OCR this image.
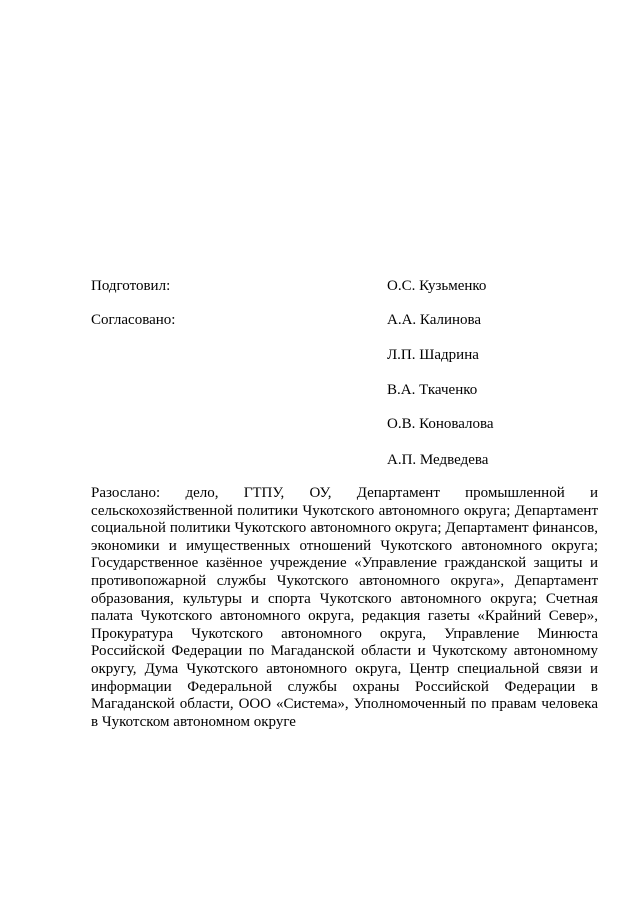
Подготовил:	О.С. Кузьменко
Согласовано:	А.А. Калинова
Л.П. Шадрина
В.А. Ткаченко
О.В. Коновалова
А.П. Медведева

Разослано: дело, ГТПУ, ОУ, Департамент промышленной и сельскохозяйственной политики Чукотского автономного округа; Департамент социальной политики Чукотского автономного округа; Департамент финансов, экономики и имущественных отношений Чукотского автономного округа; Государственное казённое учреждение «Управление гражданской защиты и противопожарной службы Чукотского автономного округа», Департамент образования, культуры и спорта Чукотского автономного округа; Счетная палата Чукотского автономного округа, редакция газеты «Крайний Север», Прокуратура Чукотского автономного округа, Управление Минюста Российской Федерации по Магаданской области и Чукотскому автономному округу, Дума Чукотского автономного округа, Центр специальной связи и информации Федеральной службы охраны Российской Федерации в Магаданской области, ООО «Система», Уполномоченный по правам человека в Чукотском автономном округе
